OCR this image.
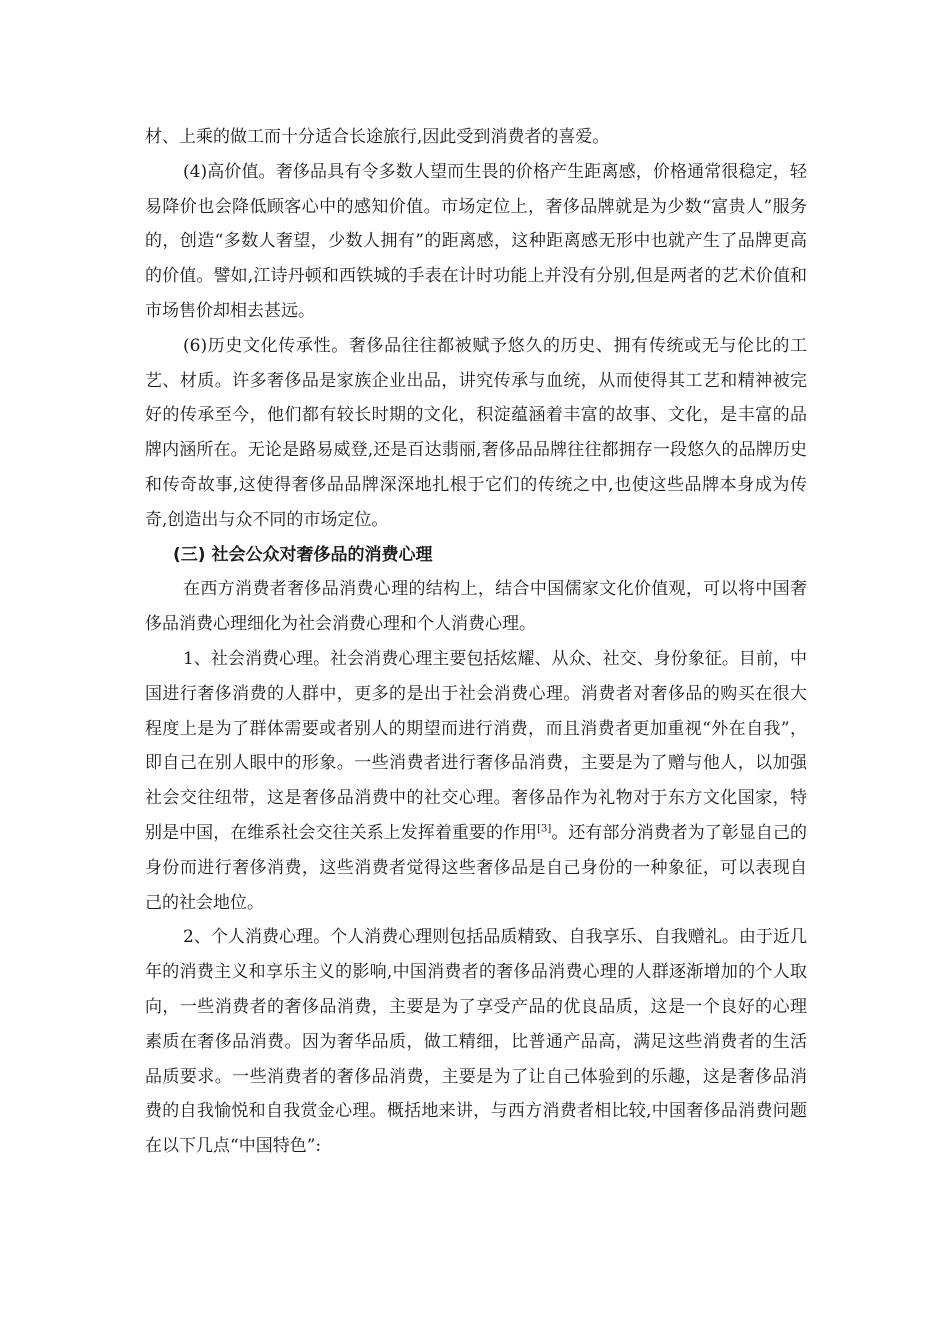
材、上乘的做工而十分适合长途旅行,因此受到消费者的喜爱。

(4)高价值。奢侈品具有令多数人望而生畏的价格产生距离感，价格通常很稳定，轻易降价也会降低顾客心中的感知价值。市场定位上，奢侈品牌就是为少数“富贵人”服务的，创造“多数人奢望，少数人拥有”的距离感，这种距离感无形中也就产生了品牌更高的价值。譬如,江诗丹顿和西铁城的手表在计时功能上并没有分别,但是两者的艺术价值和市场售价却相去甚远。

(6)历史文化传承性。奢侈品往往都被赋予悠久的历史、拥有传统或无与伦比的工艺、材质。许多奢侈品是家族企业出品，讲究传承与血统，从而使得其工艺和精神被完好的传承至今，他们都有较长时期的文化，积淀蕴涵着丰富的故事、文化，是丰富的品牌内涵所在。无论是路易威登,还是百达翡丽,奢侈品品牌往往都拥存一段悠久的品牌历史和传奇故事,这使得奢侈品品牌深深地扎根于它们的传统之中,也使这些品牌本身成为传奇,创造出与众不同的市场定位。

(三) 社会公众对奢侈品的消费心理

在西方消费者奢侈品消费心理的结构上，结合中国儒家文化价值观，可以将中国奢侈品消费心理细化为社会消费心理和个人消费心理。

1、社会消费心理。社会消费心理主要包括炫耀、从众、社交、身份象征。目前，中国进行奢侈消费的人群中，更多的是出于社会消费心理。消费者对奢侈品的购买在很大程度上是为了群体需要或者别人的期望而进行消费，而且消费者更加重视“外在自我”，即自己在别人眼中的形象。一些消费者进行奢侈品消费，主要是为了赠与他人，以加强社会交往纽带，这是奢侈品消费中的社交心理。奢侈品作为礼物对于东方文化国家，特别是中国，在维系社会交往关系上发挥着重要的作用[3]。还有部分消费者为了彰显自己的身份而进行奢侈消费，这些消费者觉得这些奢侈品是自己身份的一种象征，可以表现自己的社会地位。

2、个人消费心理。个人消费心理则包括品质精致、自我享乐、自我赠礼。由于近几年的消费主义和享乐主义的影响,中国消费者的奢侈品消费心理的人群逐渐增加的个人取向，一些消费者的奢侈品消费，主要是为了享受产品的优良品质，这是一个良好的心理素质在奢侈品消费。因为奢华品质，做工精细，比普通产品高，满足这些消费者的生活品质要求。一些消费者的奢侈品消费，主要是为了让自己体验到的乐趣，这是奢侈品消费的自我愉悦和自我赏金心理。概括地来讲，与西方消费者相比较,中国奢侈品消费问题在以下几点“中国特色”:
